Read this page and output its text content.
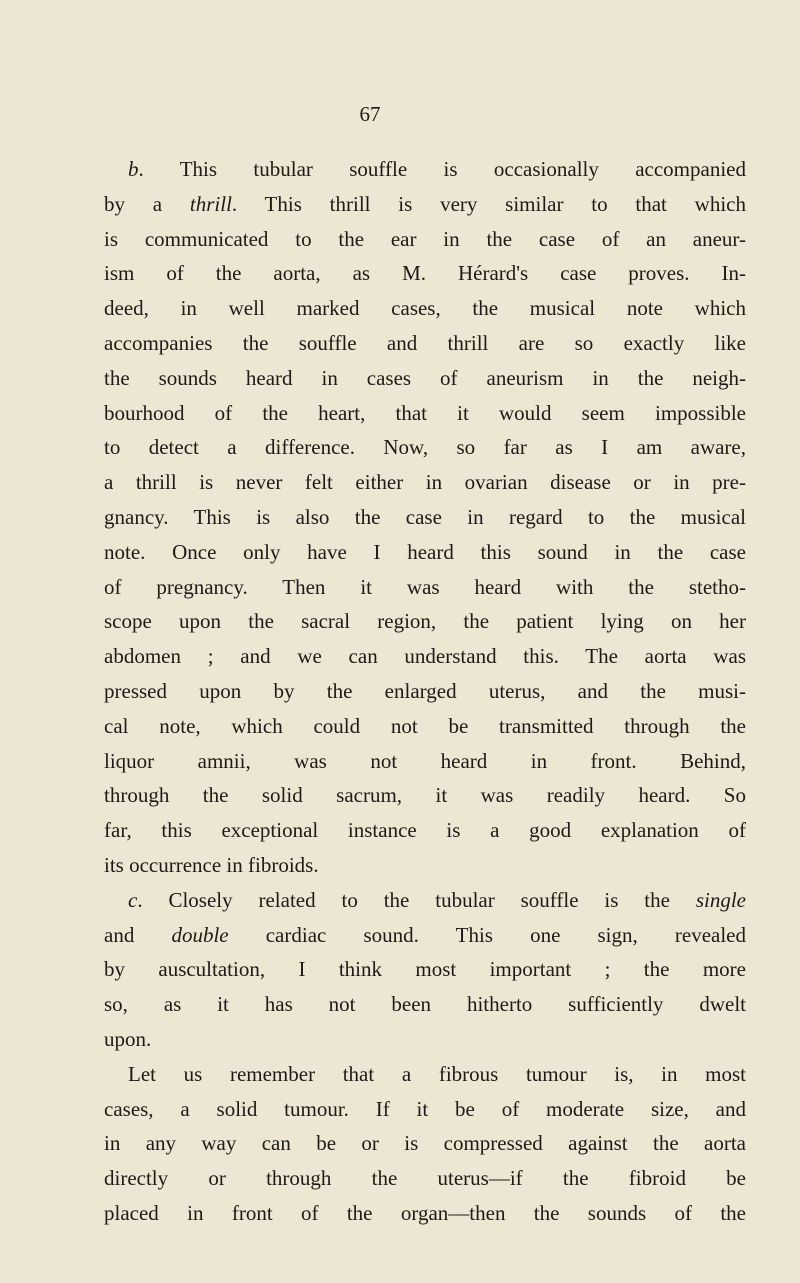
67
b. This tubular souffle is occasionally accompanied
by a thrill. This thrill is very similar to that which
is communicated to the ear in the case of an aneur-
ism of the aorta, as M. Hérard's case proves. In-
deed, in well marked cases, the musical note which
accompanies the souffle and thrill are so exactly like
the sounds heard in cases of aneurism in the neigh-
bourhood of the heart, that it would seem impossible
to detect a difference. Now, so far as I am aware,
a thrill is never felt either in ovarian disease or in pre-
gnancy. This is also the case in regard to the musical
note. Once only have I heard this sound in the case
of pregnancy. Then it was heard with the stetho-
scope upon the sacral region, the patient lying on her
abdomen ; and we can understand this. The aorta was
pressed upon by the enlarged uterus, and the musi-
cal note, which could not be transmitted through the
liquor amnii, was not heard in front. Behind,
through the solid sacrum, it was readily heard. So
far, this exceptional instance is a good explanation of
its occurrence in fibroids.
c. Closely related to the tubular souffle is the single
and double cardiac sound. This one sign, revealed
by auscultation, I think most important ; the more
so, as it has not been hitherto sufficiently dwelt
upon.
Let us remember that a fibrous tumour is, in most
cases, a solid tumour. If it be of moderate size, and
in any way can be or is compressed against the aorta
directly or through the uterus—if the fibroid be
placed in front of the organ—then the sounds of the
